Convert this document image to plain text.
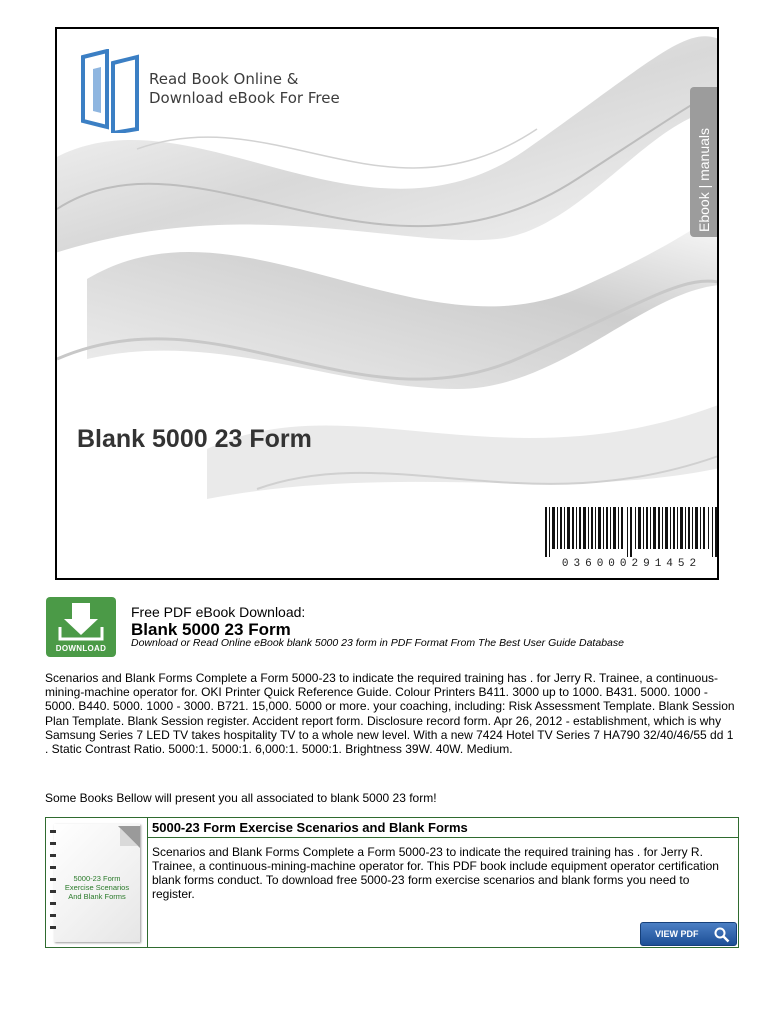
Read Book Online &
Download eBook For Free
Ebook | manuals
Blank 5000 23 Form
036000291452
DOWNLOAD
Free PDF eBook Download:
Blank 5000 23 Form
Download or Read Online eBook blank 5000 23 form in PDF Format From The Best User Guide Database
Scenarios and Blank Forms Complete a Form 5000-23 to indicate the required training has . for Jerry R. Trainee, a continuous-mining-machine operator for. OKI Printer Quick Reference Guide. Colour Printers B411. 3000 up to 1000. B431. 5000. 1000 - 5000. B440. 5000. 1000 - 3000. B721. 15,000. 5000 or more. your coaching, including: Risk Assessment Template. Blank Session Plan Template. Blank Session register. Accident report form. Disclosure record form. Apr 26, 2012 - establishment, which is why Samsung Series 7 LED TV takes hospitality TV to a whole new level. With a new 7424 Hotel TV Series 7 HA790 32/40/46/55 dd 1 . Static Contrast Ratio. 5000:1. 5000:1. 6,000:1. 5000:1. Brightness 39W. 40W. Medium.
Some Books Bellow will present you all associated to blank 5000 23 form!
5000-23 Form
Exercise Scenarios
And Blank Forms
5000-23 Form Exercise Scenarios and Blank Forms
Scenarios and Blank Forms Complete a Form 5000-23 to indicate the required training has . for Jerry R. Trainee, a continuous-mining-machine operator for. This PDF book include equipment operator certification blank forms conduct. To download free 5000-23 form exercise scenarios and blank forms you need to register.
VIEW PDF
